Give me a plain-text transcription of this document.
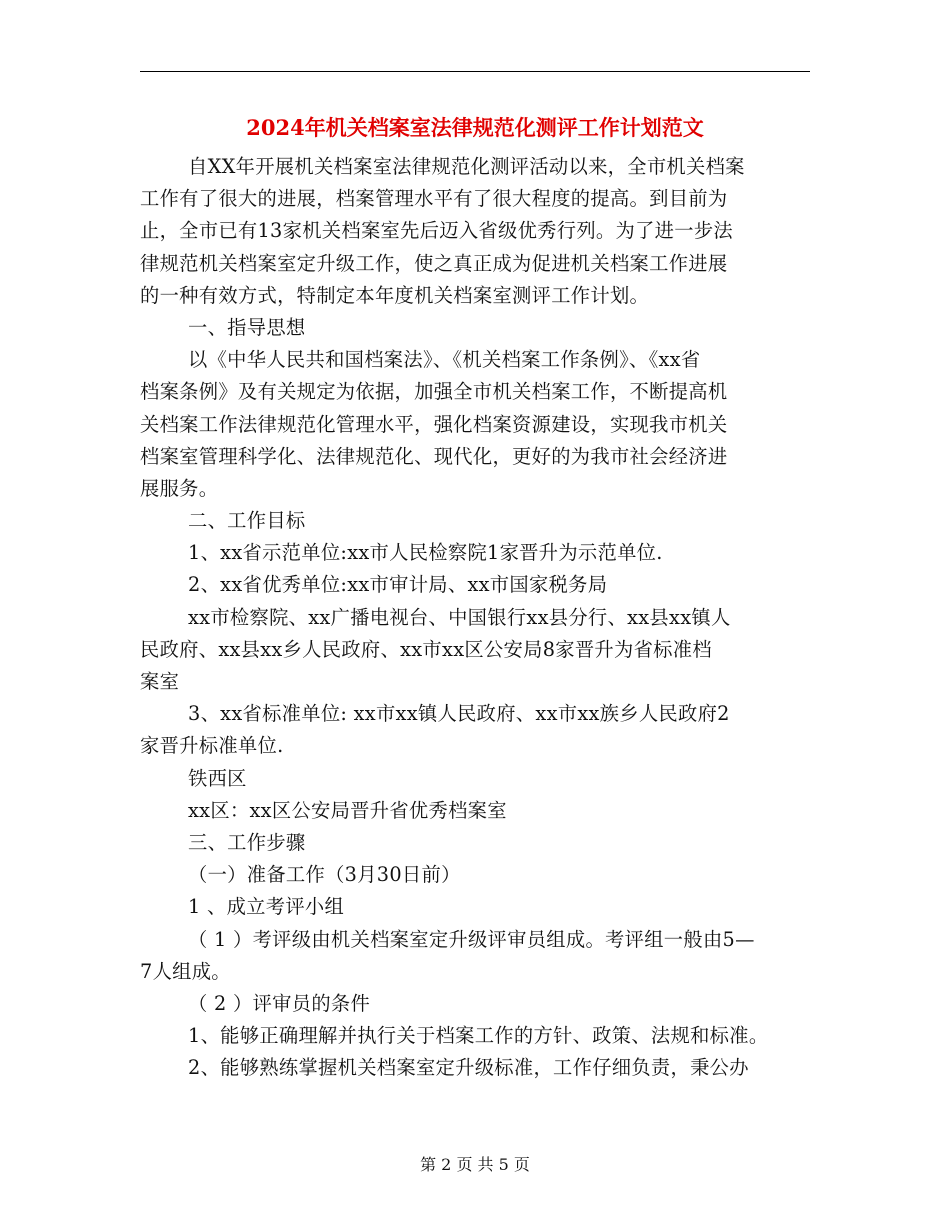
2024年机关档案室法律规范化测评工作计划范文
自XX年开展机关档案室法律规范化测评活动以来，全市机关档案
工作有了很大的进展，档案管理水平有了很大程度的提高。到目前为
止，全市已有13家机关档案室先后迈入省级优秀行列。为了进一步法
律规范机关档案室定升级工作，使之真正成为促进机关档案工作进展
的一种有效方式，特制定本年度机关档案室测评工作计划。
一、指导思想
以《中华人民共和国档案法》、《机关档案工作条例》、《xx省
档案条例》及有关规定为依据，加强全市机关档案工作，不断提高机
关档案工作法律规范化管理水平，强化档案资源建设，实现我市机关
档案室管理科学化、法律规范化、现代化，更好的为我市社会经济进
展服务。
二、工作目标
1、xx省示范单位:xx市人民检察院1家晋升为示范单位.
2、xx省优秀单位:xx市审计局、xx市国家税务局
xx市检察院、xx广播电视台、中国银行xx县分行、xx县xx镇人
民政府、xx县xx乡人民政府、xx市xx区公安局8家晋升为省标准档
案室
3、xx省标准单位: xx市xx镇人民政府、xx市xx族乡人民政府2
家晋升标准单位.
铁西区
xx区：xx区公安局晋升省优秀档案室
三、工作步骤
（一）准备工作（3月30日前）
1 、成立考评小组
（ 1 ）考评级由机关档案室定升级评审员组成。考评组一般由5—
7人组成。
（ 2 ）评审员的条件
1、能够正确理解并执行关于档案工作的方针、政策、法规和标准。
2、能够熟练掌握机关档案室定升级标准，工作仔细负责，秉公办
第 2 页 共 5 页
